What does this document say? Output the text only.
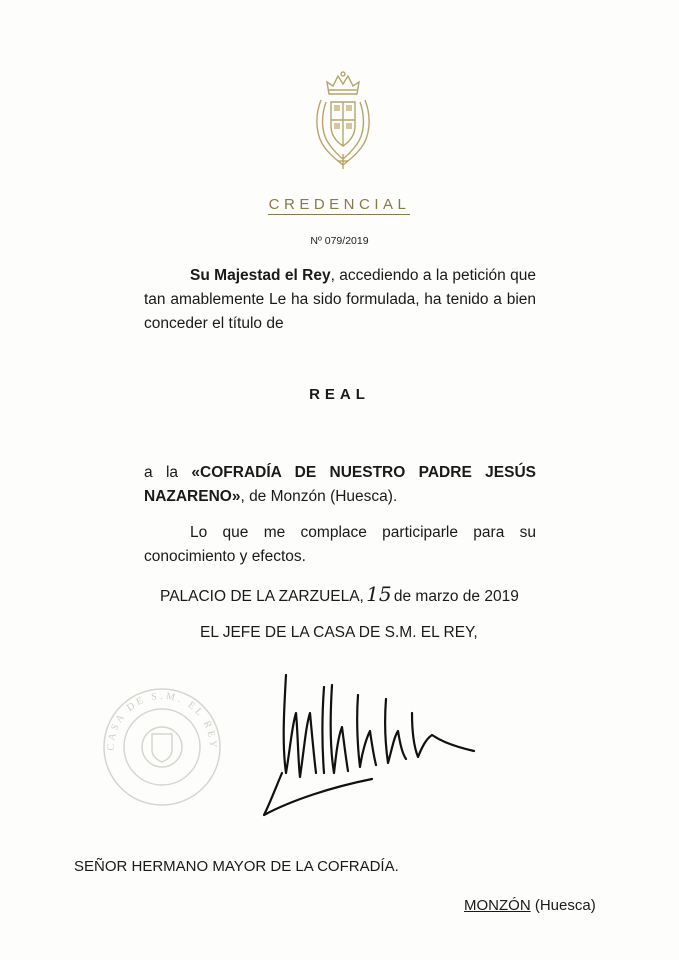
CREDENCIAL
Nº 079/2019
Su Majestad el Rey, accediendo a la petición que tan amablemente Le ha sido formulada, ha tenido a bien conceder el título de
REAL
a la «COFRADÍA DE NUESTRO PADRE JESÚS NAZARENO», de Monzón (Huesca).
Lo que me complace participarle para su conocimiento y efectos.
PALACIO DE LA ZARZUELA, 15 de marzo de 2019
EL JEFE DE LA CASA DE S.M. EL REY,
CASA DE S.M. EL REY
SEÑOR HERMANO MAYOR DE LA COFRADÍA.
MONZÓN (Huesca)
